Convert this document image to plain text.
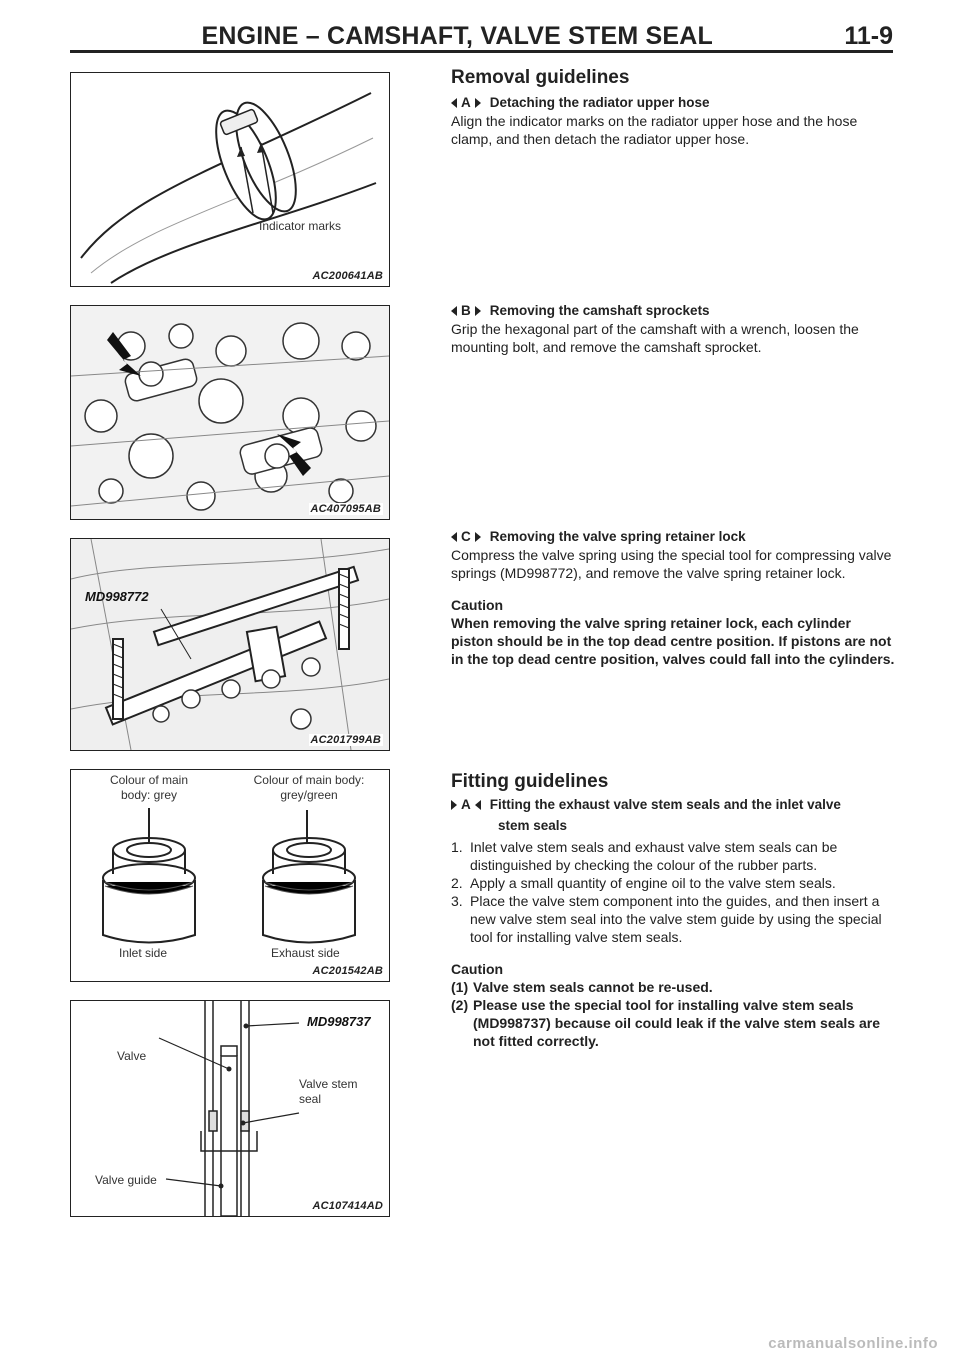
ENGINE – CAMSHAFT, VALVE STEM SEAL	11-9
Indicator marks
AC200641AB
AC407095AB
MD998772
AC201799AB
Colour of main body: grey
Colour of main body: grey/green
Inlet side	Exhaust side
AC201542AB
MD998737
Valve
Valve stem seal
Valve guide
AC107414AD
Removal guidelines
A Detaching the radiator upper hose

Align the indicator marks on the radiator upper hose and the hose clamp, and then detach the radiator upper hose.

B Removing the camshaft sprockets

Grip the hexagonal part of the camshaft with a wrench, loosen the mounting bolt, and remove the camshaft sprocket.

C Removing the valve spring retainer lock

Compress the valve spring using the special tool for compressing valve springs (MD998772), and remove the valve spring retainer lock.

Caution

When removing the valve spring retainer lock, each cylinder piston should be in the top dead centre position. If pistons are not in the top dead centre position, valves could fall into the cylinders.

Fitting guidelines
A Fitting the exhaust valve stem seals and the inlet valve
stem seals
1. Inlet valve stem seals and exhaust valve stem seals can be distinguished by checking the colour of the rubber parts.
2. Apply a small quantity of engine oil to the valve stem seals.
3. Place the valve stem component into the guides, and then insert a new valve stem seal into the valve stem guide by using the special tool for installing valve stem seals.

Caution

(1) Valve stem seals cannot be re-used.
(2) Please use the special tool for installing valve stem seals (MD998737) because oil could leak if the valve stem seals are not fitted correctly.
carmanualsonline.info
